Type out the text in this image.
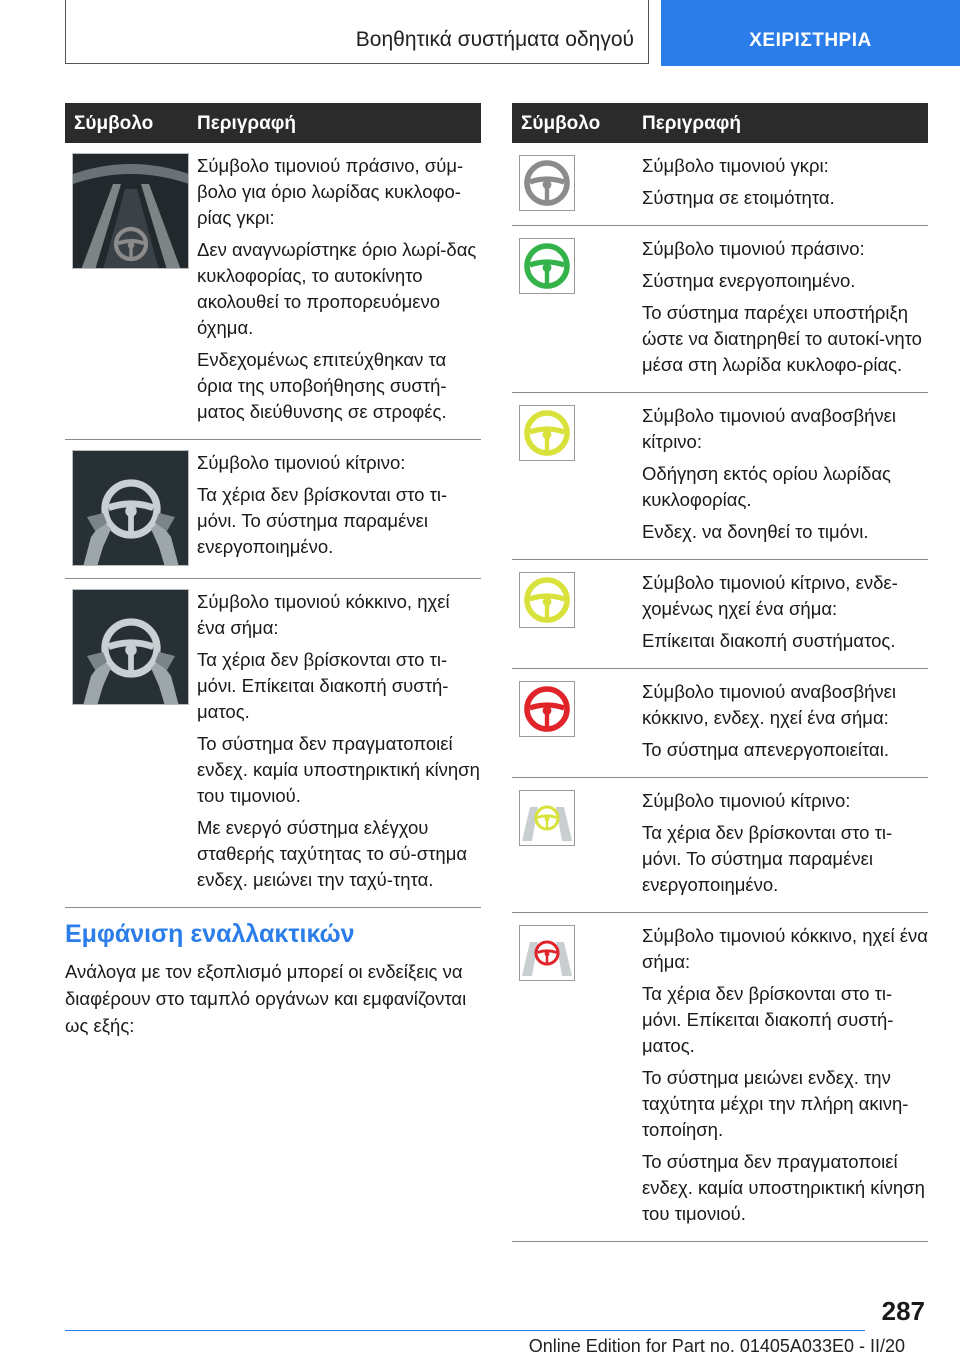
Βοηθητικά συστήματα οδηγού	ΧΕΙΡΙΣΤΗΡΙΑ
Σύμβολο Περιγραφή

Σύμβολο τιμονιού πράσινο, σύμ-βολο για όριο λωρίδας κυκλοφο-ρίας γκρι:

Δεν αναγνωρίστηκε όριο λωρί-δας κυκλοφορίας, το αυτοκίνητο ακολουθεί το προπορευόμενο όχημα.

Ενδεχομένως επιτεύχθηκαν τα όρια της υποβοήθησης συστή-ματος διεύθυνσης σε στροφές.

Σύμβολο τιμονιού κίτρινο:

Τα χέρια δεν βρίσκονται στο τι-μόνι. Το σύστημα παραμένει ενεργοποιημένο.

Σύμβολο τιμονιού κόκκινο, ηχεί ένα σήμα:

Τα χέρια δεν βρίσκονται στο τι-μόνι. Επίκειται διακοπή συστή-ματος.

Το σύστημα δεν πραγματοποιεί ενδεχ. καμία υποστηρικτική κίνηση του τιμονιού.

Με ενεργό σύστημα ελέγχου σταθερής ταχύτητας το σύ-στημα ενδεχ. μειώνει την ταχύ-τητα.

Σύμβολο Περιγραφή

Σύμβολο τιμονιού γκρι:

Σύστημα σε ετοιμότητα.

Σύμβολο τιμονιού πράσινο:

Σύστημα ενεργοποιημένο.

Το σύστημα παρέχει υποστήριξη ώστε να διατηρηθεί το αυτοκί-νητο μέσα στη λωρίδα κυκλοφο-ρίας.

Σύμβολο τιμονιού αναβοσβήνει κίτρινο:

Οδήγηση εκτός ορίου λωρίδας κυκλοφορίας.

Ενδεχ. να δονηθεί το τιμόνι.

Σύμβολο τιμονιού κίτρινο, ενδε-χομένως ηχεί ένα σήμα:

Επίκειται διακοπή συστήματος.

Σύμβολο τιμονιού αναβοσβήνει κόκκινο, ενδεχ. ηχεί ένα σήμα:

Το σύστημα απενεργοποιείται.

Σύμβολο τιμονιού κίτρινο:

Τα χέρια δεν βρίσκονται στο τι-μόνι. Το σύστημα παραμένει ενεργοποιημένο.

Σύμβολο τιμονιού κόκκινο, ηχεί ένα σήμα:

Τα χέρια δεν βρίσκονται στο τι-μόνι. Επίκειται διακοπή συστή-ματος.

Το σύστημα μειώνει ενδεχ. την ταχύτητα μέχρι την πλήρη ακινη-τοποίηση.

Το σύστημα δεν πραγματοποιεί ενδεχ. καμία υποστηρικτική κίνηση του τιμονιού.

Εμφάνιση εναλλακτικών
Ανάλογα με τον εξοπλισμό μπορεί οι ενδείξεις να διαφέρουν στο ταμπλό οργάνων και εμφανίζονται ως εξής:
287
Online Edition for Part no. 01405A033E0 - II/20
